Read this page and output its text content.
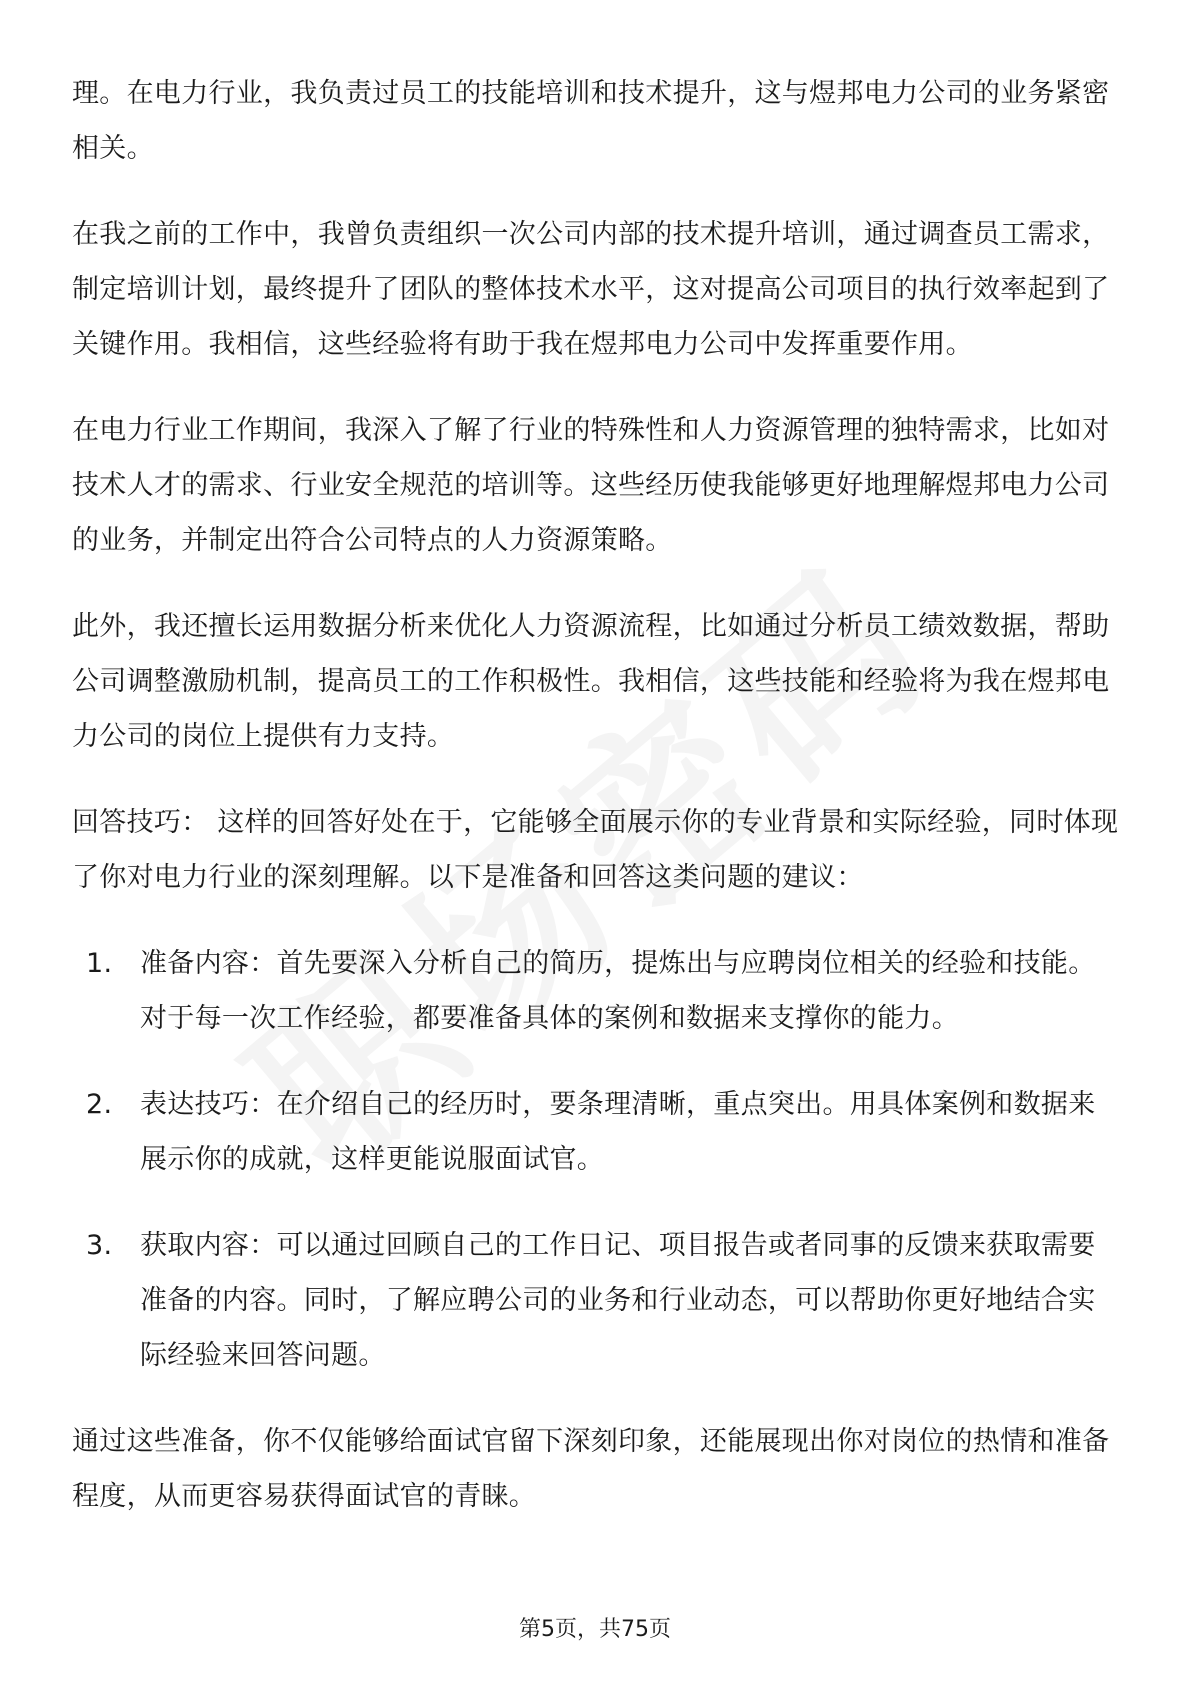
理。在电力行业，我负责过员工的技能培训和技术提升，这与煜邦电力公司的业务紧密相关。

在我之前的工作中，我曾负责组织一次公司内部的技术提升培训，通过调查员工需求，制定培训计划，最终提升了团队的整体技术水平，这对提高公司项目的执行效率起到了关键作用。我相信，这些经验将有助于我在煜邦电力公司中发挥重要作用。

在电力行业工作期间，我深入了解了行业的特殊性和人力资源管理的独特需求，比如对技术人才的需求、行业安全规范的培训等。这些经历使我能够更好地理解煜邦电力公司的业务，并制定出符合公司特点的人力资源策略。

此外，我还擅长运用数据分析来优化人力资源流程，比如通过分析员工绩效数据，帮助公司调整激励机制，提高员工的工作积极性。我相信，这些技能和经验将为我在煜邦电力公司的岗位上提供有力支持。

回答技巧： 这样的回答好处在于，它能够全面展示你的专业背景和实际经验，同时体现了你对电力行业的深刻理解。以下是准备和回答这类问题的建议：

1.	准备内容：首先要深入分析自己的简历，提炼出与应聘岗位相关的经验和技能。对于每一次工作经验，都要准备具体的案例和数据来支撑你的能力。
2.	表达技巧：在介绍自己的经历时，要条理清晰，重点突出。用具体案例和数据来展示你的成就，这样更能说服面试官。
3.	获取内容：可以通过回顾自己的工作日记、项目报告或者同事的反馈来获取需要准备的内容。同时，了解应聘公司的业务和行业动态，可以帮助你更好地结合实际经验来回答问题。

通过这些准备，你不仅能够给面试官留下深刻印象，还能展现出你对岗位的热情和准备程度，从而更容易获得面试官的青睐。

第5页，共75页
